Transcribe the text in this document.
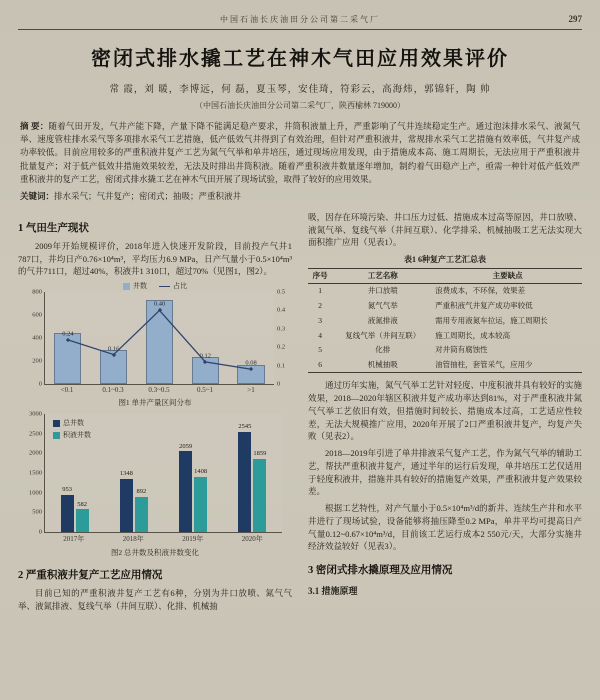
中国石油长庆油田分公司第二采气厂	297
密闭式排水撬工艺在神木气田应用效果评价
常 霞，刘 暖，李博远，何 磊，夏玉琴，安佳琦，符彩云，高海炜，郭锦轩，陶 帅
（中国石油长庆油田分公司第二采气厂，陕西榆林 719000）
摘 要：随着气田开发，气井产能下降，产量下降不能满足稳产要求，井筒积液量上升，严重影响了气井连续稳定生产。通过泡沫排水采气、液氮气举、速度管柱排水采气等多项排水采气工艺措施，低产低效气井得到了有效治理，但针对严重积液井，常规排水采气工艺措施有效率低，气井复产成功率较低。目前应用较多的严重积液井复产工艺为氮气气举和单井培压，通过现场应用发现，由于措施成本高、施工周期长，无法应用于严重积液井批量复产；对于低产低效井措施效果较差，无法及时排出井筒积液。随着严重积液井数量逐年增加，制约着气田稳产上产，亟需一种针对低产低效严重积液井的复产工艺，密闭式排水撬工艺在神木气田开展了现场试验，取得了较好的应用效果。
关键词：排水采气；气井复产；密闭式；抽吸；严重积液井
1 气田生产现状

2009年开始规模评价，2018年进入快速开发阶段，目前投产气井1 787口，井均日产0.76×10⁴m³，平均压力6.9 MPa，日产气量小于0.5×10⁴m³的气井711口，超过40%，积液井1 310口，超过70%（见图1，图2）。

井数	占比
0
200
400
600
800
0
0.1
0.2
0.3
0.4
0.5
0.24
0.16
0.40
0.12
0.08
<0.1	0.1~0.3	0.3~0.5	0.5~1	>1
图1 单井产量区间分布
总井数
积液井数
953
582
1348
892
2059
1408
2545
1859
0
500
1000
1500
2000
2500
3000
2017年	2018年	2019年	2020年
图2 总井数及积液井数变化
2 严重积液井复产工艺应用情况

目前已知的严重积液井复产工艺有6种，分别为井口放喷、氮气气举、液氮排液、复线气举（井间互联）、化排、机械抽

吸，因存在环境污染、井口压力过低、措施成本过高等原因，井口放喷、液氮气举、复线气举（井间互联）、化学排采、机械抽吸工艺无法实现大面积推广应用（见表1）。

表1 6种复产工艺汇总表
序号	工艺名称	主要缺点
1	井口放喷	浪费成本，不环保，效果差
2	氮气气举	严重积液气井复产成功率较低
3	液氮排液	需用专用液氮车拉运，施工周期长
4	复线气举（井间互联）	施工周期长，成本较高
5	化排	对井筒有腐蚀性
6	机械抽吸	油管抽柱，套管采气，应用少

通过历年实施，氮气气举工艺针对轻度、中度积液井具有较好的实施效果，2018—2020年辖区积液井复产成功率达到81%，对于严重积液井氮气气举工艺依旧有效，但措施时间较长、措施成本过高，工艺适应性较差，无法大规模推广应用，2020年开展了2口严重积液井复产，均复产失败（见表2）。

2018—2019年引进了单井排液采气复产工艺，作为氮气气举的辅助工艺，帮扶严重积液井复产，通过半年的运行后发现，单井培压工艺仅适用于轻度积液井，措施井具有较好的措施复产效果，严重积液井复产效果较差。

根据工艺特性，对产气量小于0.5×10⁴m³/d的新井、连续生产井和水平井进行了现场试验，设备能够将抽压降至0.2 MPa，单井平均可提高日产气量0.12~0.67×10⁴m³/d，目前该工艺运行成本2 550元/天，大部分实施井经济效益较好（见表3）。

3 密闭式排水撬原理及应用情况
3.1 措施原理
